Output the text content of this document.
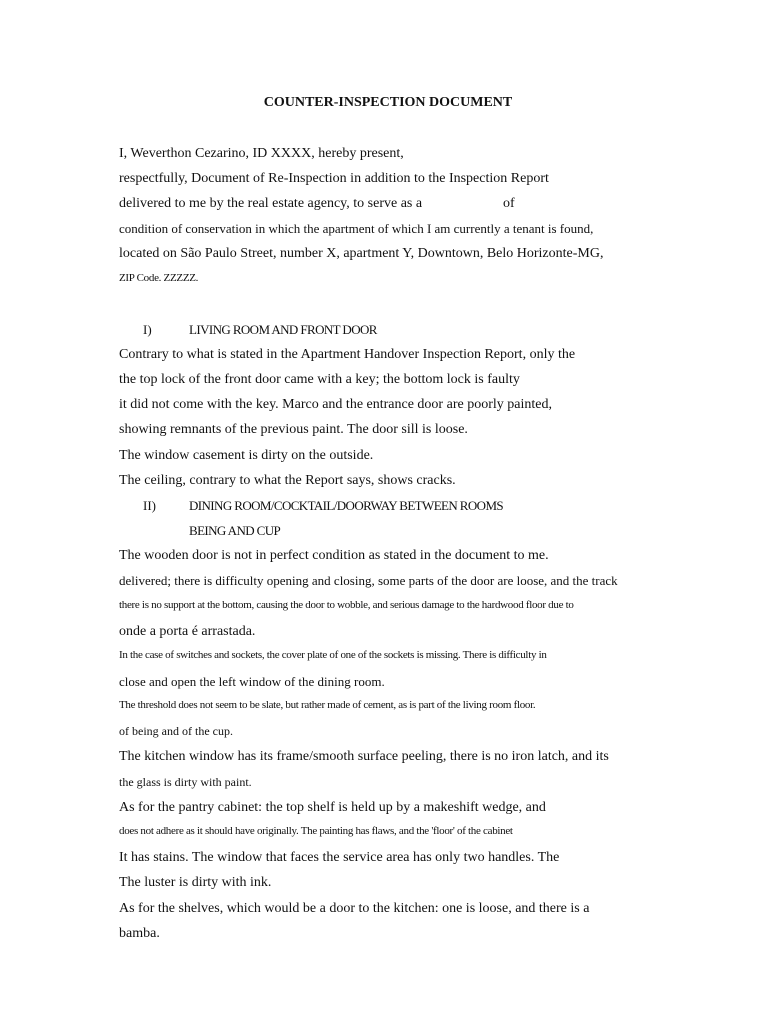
COUNTER-INSPECTION DOCUMENT
I, Weverthon Cezarino, ID XXXX, hereby present,
respectfully, Document of Re-Inspection in addition to the Inspection Report
delivered to me by the real estate agency, to serve as a	of
condition of conservation in which the apartment of which I am currently a tenant is found,
located on São Paulo Street, number X, apartment Y, Downtown, Belo Horizonte-MG,
ZIP Code. ZZZZZ.
I)	LIVING ROOM AND FRONT DOOR
Contrary to what is stated in the Apartment Handover Inspection Report, only the
the top lock of the front door came with a key; the bottom lock is faulty
it did not come with the key. Marco and the entrance door are poorly painted,
showing remnants of the previous paint. The door sill is loose.
The window casement is dirty on the outside.
The ceiling, contrary to what the Report says, shows cracks.
II)	DINING ROOM/COCKTAIL/DOORWAY BETWEEN ROOMS
BEING AND CUP
The wooden door is not in perfect condition as stated in the document to me.
delivered; there is difficulty opening and closing, some parts of the door are loose, and the track
there is no support at the bottom, causing the door to wobble, and serious damage to the hardwood floor due to
onde a porta é arrastada.
In the case of switches and sockets, the cover plate of one of the sockets is missing. There is difficulty in
close and open the left window of the dining room.
The threshold does not seem to be slate, but rather made of cement, as is part of the living room floor.
of being and of the cup.
The kitchen window has its frame/smooth surface peeling, there is no iron latch, and its
the glass is dirty with paint.
As for the pantry cabinet: the top shelf is held up by a makeshift wedge, and
does not adhere as it should have originally. The painting has flaws, and the 'floor' of the cabinet
It has stains. The window that faces the service area has only two handles. The
The luster is dirty with ink.
As for the shelves, which would be a door to the kitchen: one is loose, and there is a
bamba.
